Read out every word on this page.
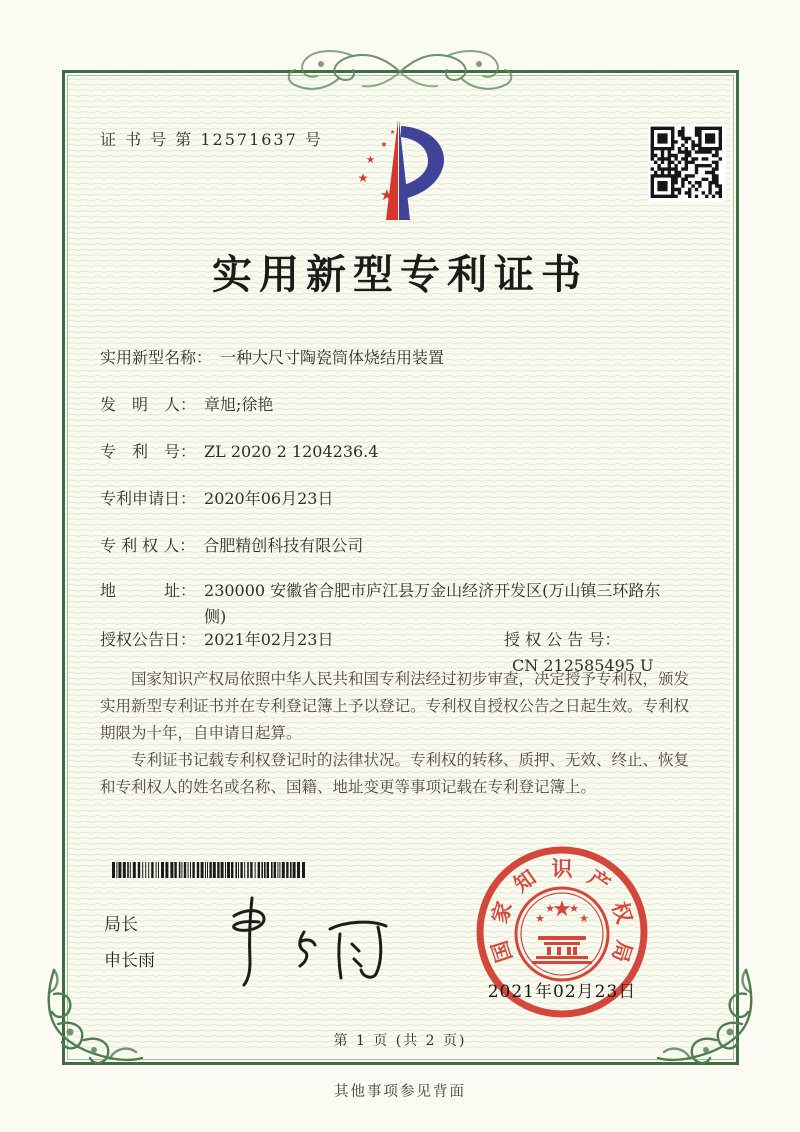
证 书 号 第 12571637 号
实用新型专利证书
实用新型名称： 一种大尺寸陶瓷筒体烧结用装置
发　明　人： 章旭;徐艳
专　利　号： ZL 2020 2 1204236.4
专利申请日： 2020年06月23日
专 利 权 人： 合肥精创科技有限公司
地　　　址： 230000 安徽省合肥市庐江县万金山经济开发区(万山镇三环路东侧)
授权公告日： 2021年02月23日	授 权 公 告 号：CN 212585495 U

国家知识产权局依照中华人民共和国专利法经过初步审查，决定授予专利权，颁发实用新型专利证书并在专利登记簿上予以登记。专利权自授权公告之日起生效。专利权期限为十年，自申请日起算。

专利证书记载专利权登记时的法律状况。专利权的转移、质押、无效、终止、恢复和专利权人的姓名或名称、国籍、地址变更等事项记载在专利登记簿上。

局长
申长雨	国
家
知 识 产
权
局
★
★
★ ★
★
2021年02月23日
第 1 页 (共 2 页)
其他事项参见背面
